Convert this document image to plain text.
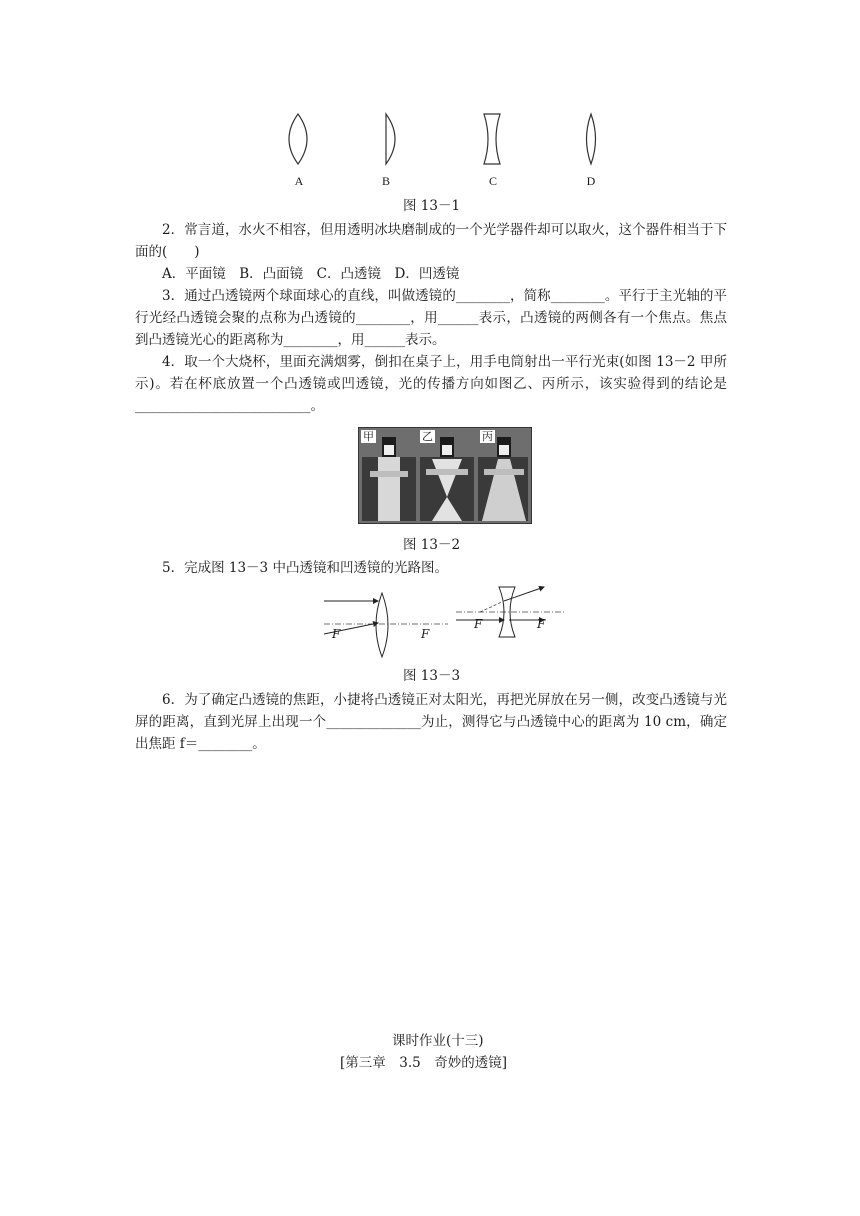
A	B	C	D
图 13－1

2．常言道，水火不相容，但用透明冰块磨制成的一个光学器件却可以取火，这个器件相当于下面的(　　)

A．平面镜　B．凸面镜　C．凸透镜　D．凹透镜

3．通过凸透镜两个球面球心的直线，叫做透镜的________，简称________。平行于主光轴的平行光经凸透镜会聚的点称为凸透镜的________，用______表示，凸透镜的两侧各有一个焦点。焦点到凸透镜光心的距离称为________，用______表示。

4．取一个大烧杯，里面充满烟雾，倒扣在桌子上，用手电筒射出一平行光束(如图 13－2 甲所示)。若在杯底放置一个凸透镜或凹透镜，光的传播方向如图乙、丙所示，该实验得到的结论是__________________________。

甲	乙	丙
图 13－2

5．完成图 13－3 中凸透镜和凹透镜的光路图。

F	F
F	F
图 13－3

6．为了确定凸透镜的焦距，小捷将凸透镜正对太阳光，再把光屏放在另一侧，改变凸透镜与光屏的距离，直到光屏上出现一个______________为止，测得它与凸透镜中心的距离为 10 cm，确定出焦距 f＝________。

课时作业(十三)
[第三章　3.5　奇妙的透镜]
